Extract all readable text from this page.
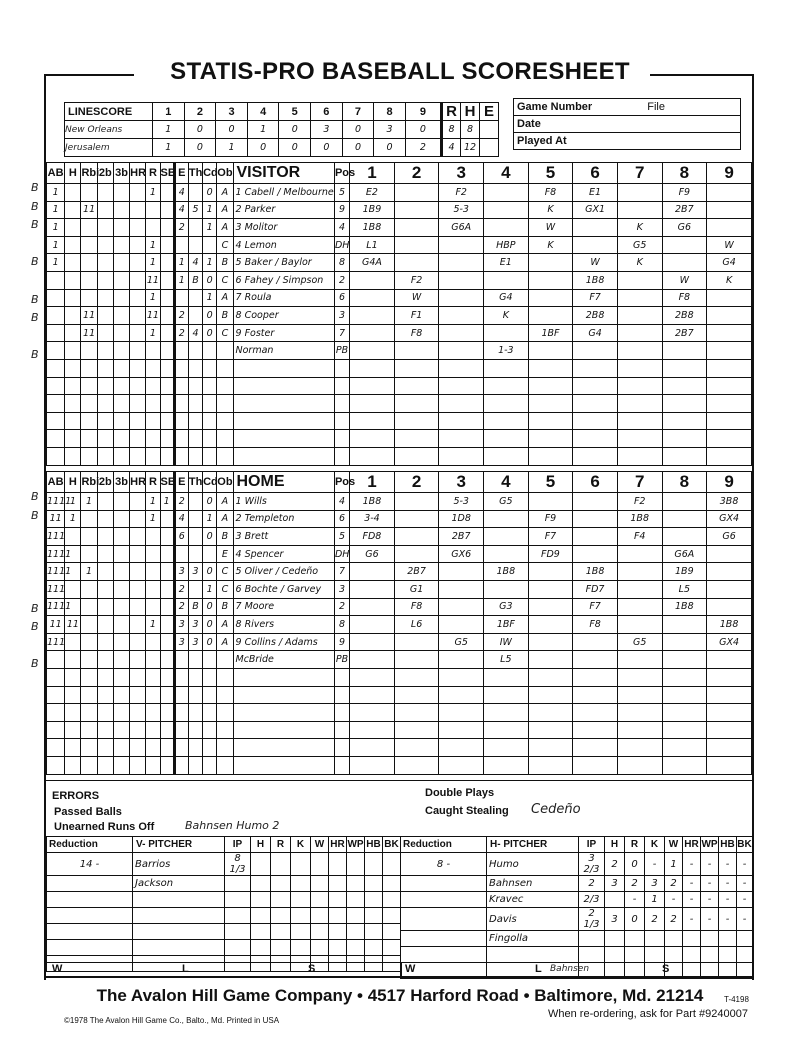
STATIS-PRO BASEBALL SCORESHEET
LINESCORE	1	2	3	4	5	6	7	8	9	R	H	E
New Orleans	1	0	0	1	0	3	0	3	0	8	8	
Jerusalem	1	0	1	0	0	0	0	0	2	4	12	
Game Number	File

Date
Played At
AB	H	Rbi	2b	3b	HR	R	SB	E	Th	Cd	Ob	VISITOR	Pos	1	2	3	4	5	6	7	8	9
1						1		4		0	A	1 Cabell / Melbourne	5	E2		F2		F8	E1		F9	
1		11						4	5	1	A	2 Parker	9	1B9		5-3		K	GX1		2B7	
1								2		1	A	3 Molitor	4	1B8		G6A		W		K	G6	
1						1					C	4 Lemon	DH	L1			HBP	K		G5		W
1						1		1	4	1	B	5 Baker / Baylor	8	G4A			E1		W	K		G4
						11		1	B	0	C	6 Fahey / Simpson	2		F2				1B8		W	K
						1				1	A	7 Roula	6		W		G4		F7		F8	
		11				11		2		0	B	8 Cooper	3		F1		K		2B8		2B8	
		11				1		2	4	0	C	9 Foster	7		F8			1BF	G4		2B7	
												Norman	PB				1-3					

AB	H	Rbi	2b	3b	HR	R	SB	E	Th	Cd	Ob	HOME	Pos	1	2	3	4	5	6	7	8	9
1111	1	1				1	1	2		0	A	1 Wills	4	1B8		5-3	G5			F2		3B8
11	1					1		4		1	A	2 Templeton	6	3-4		1D8		F9		1B8		GX4
111								6		0	B	3 Brett	5	FD8		2B7		F7		F4		G6
1111											E	4 Spencer	DH	G6		GX6		FD9			G6A	
1111		1						3	3	0	C	5 Oliver / Cedeño	7		2B7		1B8		1B8		1B9	
111								2		1	C	6 Bochte / Garvey	3		G1				FD7		L5	
1111								2	B	0	B	7 Moore	2		F8		G3		F7		1B8	
11	11					1		3	3	0	A	8 Rivers	8		L6		1BF		F8			1B8
111								3	3	0	A	9 Collins / Adams	9			G5	IW			G5		GX4
												McBride	PB				L5					

ERRORS
Passed Balls
Unearned Runs Off	Bahnsen Humo 2
Double Plays
Caught Stealing Cedeño
Reduction	V- PITCHER	IP	H	R	K	W	HR	WP	HB	BK
14 -	Barrios	8 1/3								
	Jackson									

Reduction	H- PITCHER	IP	H	R	K	W	HR	WP	HB	BK
8 -	Humo	3 2/3	2	0	-	1	-	-	-	-
	Bahnsen	2	3	2	3	2	-	-	-	-
	Kravec	2/3		-	1	-	-	-	-	-
	Davis	2 1/3	3	0	2	2	-	-	-	-
	Fingolla									

W	L	S	W	L Bahnsen	S
The Avalon Hill Game Company • 4517 Harford Road • Baltimore, Md. 21214	T-4198
©1978 The Avalon Hill Game Co., Balto., Md. Printed in USA
When re-ordering, ask for Part #9240007
B
B
B
B
B
B
B
B
B
B
B
B
